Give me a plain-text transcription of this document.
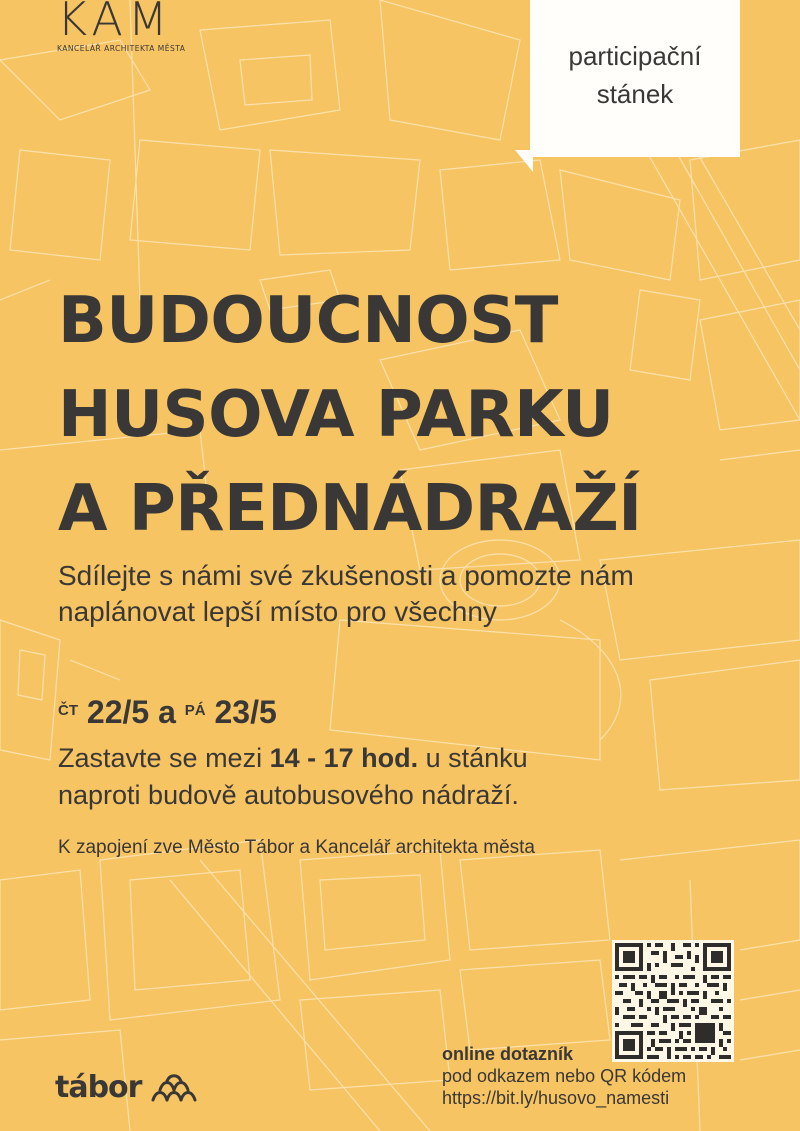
KAM
KANCELÁŘ ARCHITEKTA MĚSTA	participační
stánek
BUDOUCNOST
HUSOVA PARKU
A PŘEDNÁDRAŽÍ
Sdílejte s námi své zkušenosti a pomozte nám
naplánovat lepší místo pro všechny
$^{ČT}$ 22/5 a $^{PÁ}$ 23/5
Zastavte se mezi 14 - 17 hod. u stánku
naproti budově autobusového nádraží.
K zapojení zve Město Tábor a Kancelář architekta města
online dotazník
pod odkazem nebo QR kódem
https://bit.ly/husovo_namesti
tábor
